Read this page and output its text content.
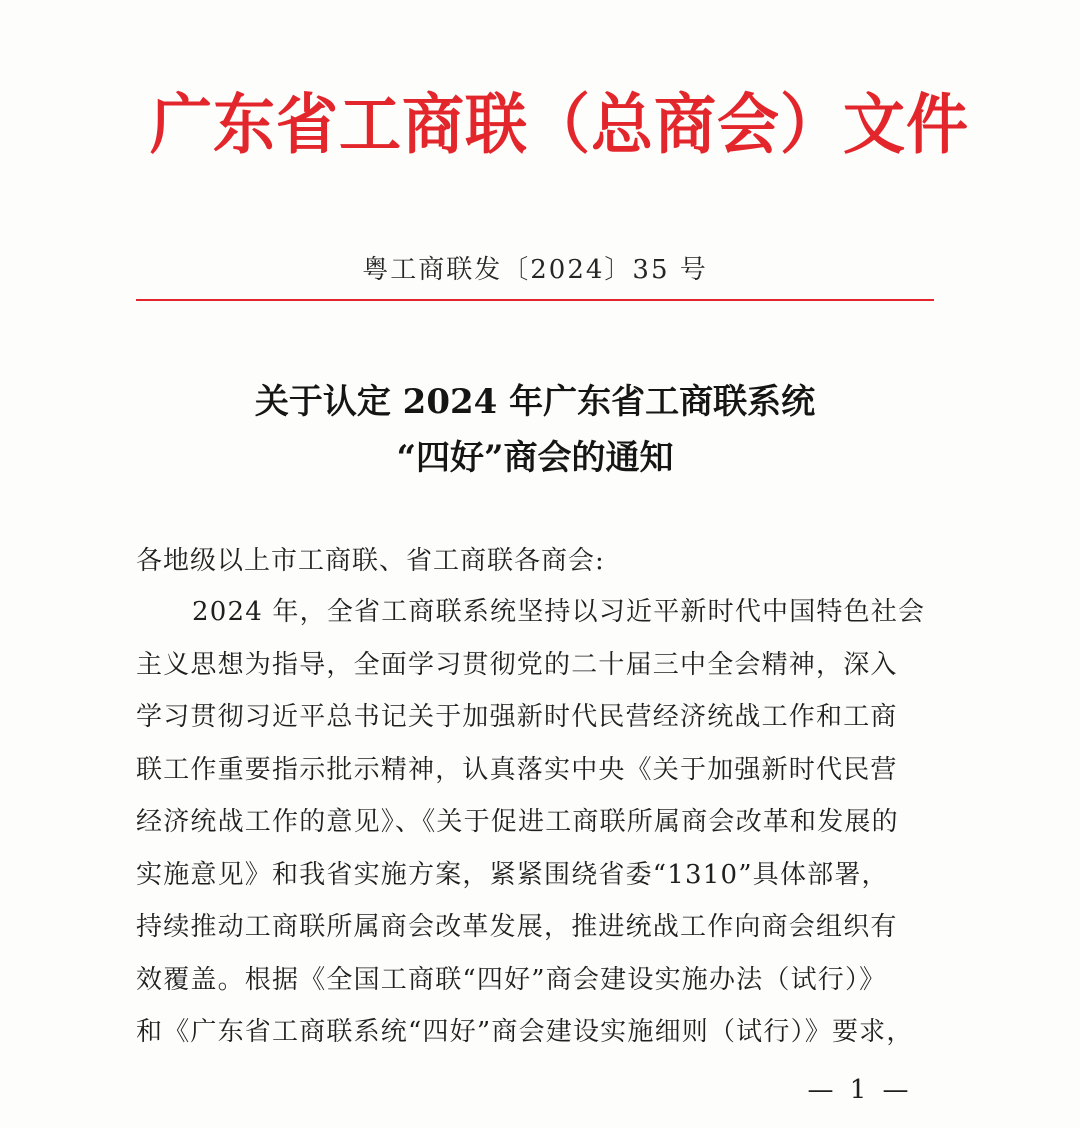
广东省工商联（总商会）文件
粤工商联发〔2024〕35 号
关于认定 2024 年广东省工商联系统
“四好”商会的通知
各地级以上市工商联、省工商联各商会:
2024 年，全省工商联系统坚持以习近平新时代中国特色社会
主义思想为指导，全面学习贯彻党的二十届三中全会精神，深入
学习贯彻习近平总书记关于加强新时代民营经济统战工作和工商
联工作重要指示批示精神，认真落实中央《关于加强新时代民营
经济统战工作的意见》、《关于促进工商联所属商会改革和发展的
实施意见》和我省实施方案，紧紧围绕省委“1310”具体部署，
持续推动工商联所属商会改革发展，推进统战工作向商会组织有
效覆盖。根据《全国工商联“四好”商会建设实施办法（试行）》
和《广东省工商联系统“四好”商会建设实施细则（试行）》要求，
— 1 —
